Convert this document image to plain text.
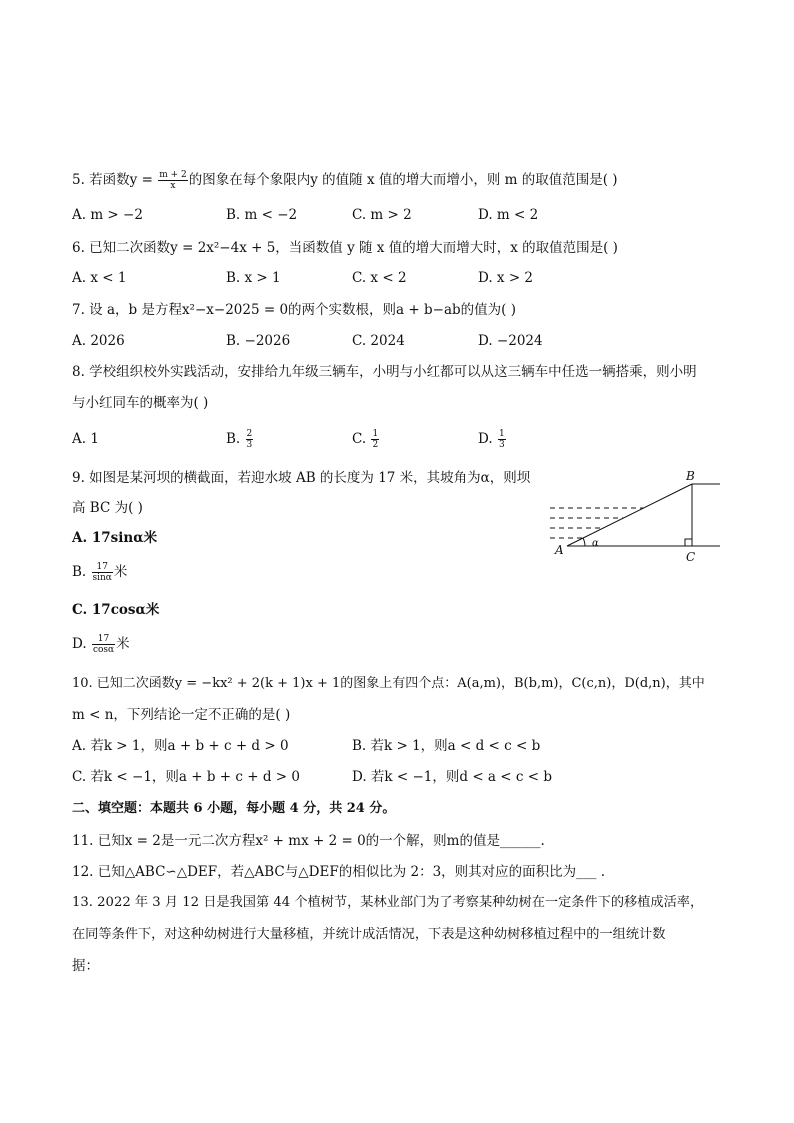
5. 若函数$y = \frac{m + 2}{x}$ 的图象在每个象限内y 的值随 x 值的增大而增小，则 m 的取值范围是( )
A. m > −2	B. m < −2	C. m > 2	D. m < 2
6. 已知二次函数y = 2x²−4x + 5，当函数值 y 随 x 值的增大而增大时，x 的取值范围是( )
A. x < 1	B. x > 1	C. x < 2	D. x > 2
7. 设 a，b 是方程x²−x−2025 = 0的两个实数根，则a + b−ab的值为( )
A. 2026	B. −2026	C. 2024	D. −2024
8. 学校组织校外实践活动，安排给九年级三辆车，小明与小红都可以从这三辆车中任选一辆搭乘，则小明
与小红同车的概率为( )
A. 1	B. $\frac{2}{3}$	C. $\frac{1}{2}$	D. $\frac{1}{3}$
9. 如图是某河坝的横截面，若迎水坡 AB 的长度为 17 米，其坡角为α，则坝
高 BC 为( )
A. 17sinα米
B. $\frac{17}{\sin\alpha}$ 米
C. 17cosα米
D. $\frac{17}{\cos\alpha}$ 米
A
B
C
α
10. 已知二次函数y = −kx² + 2(k + 1)x + 1的图象上有四个点：A(a,m)，B(b,m)，C(c,n)，D(d,n)，其中
m < n，下列结论一定不正确的是( )
A. 若k > 1，则a + b + c + d > 0	B. 若k > 1，则a < d < c < b
C. 若k < −1，则a + b + c + d > 0	D. 若k < −1，则d < a < c < b
二、填空题：本题共 6 小题，每小题 4 分，共 24 分。
11. 已知x = 2是一元二次方程x² + mx + 2 = 0的一个解，则m的值是______.
12. 已知△ABC∽△DEF，若△ABC与△DEF的相似比为 2：3，则其对应的面积比为___ .
13. 2022 年 3 月 12 日是我国第 44 个植树节，某林业部门为了考察某种幼树在一定条件下的移植成活率，
在同等条件下，对这种幼树进行大量移植，并统计成活情况，下表是这种幼树移植过程中的一组统计数
据：
